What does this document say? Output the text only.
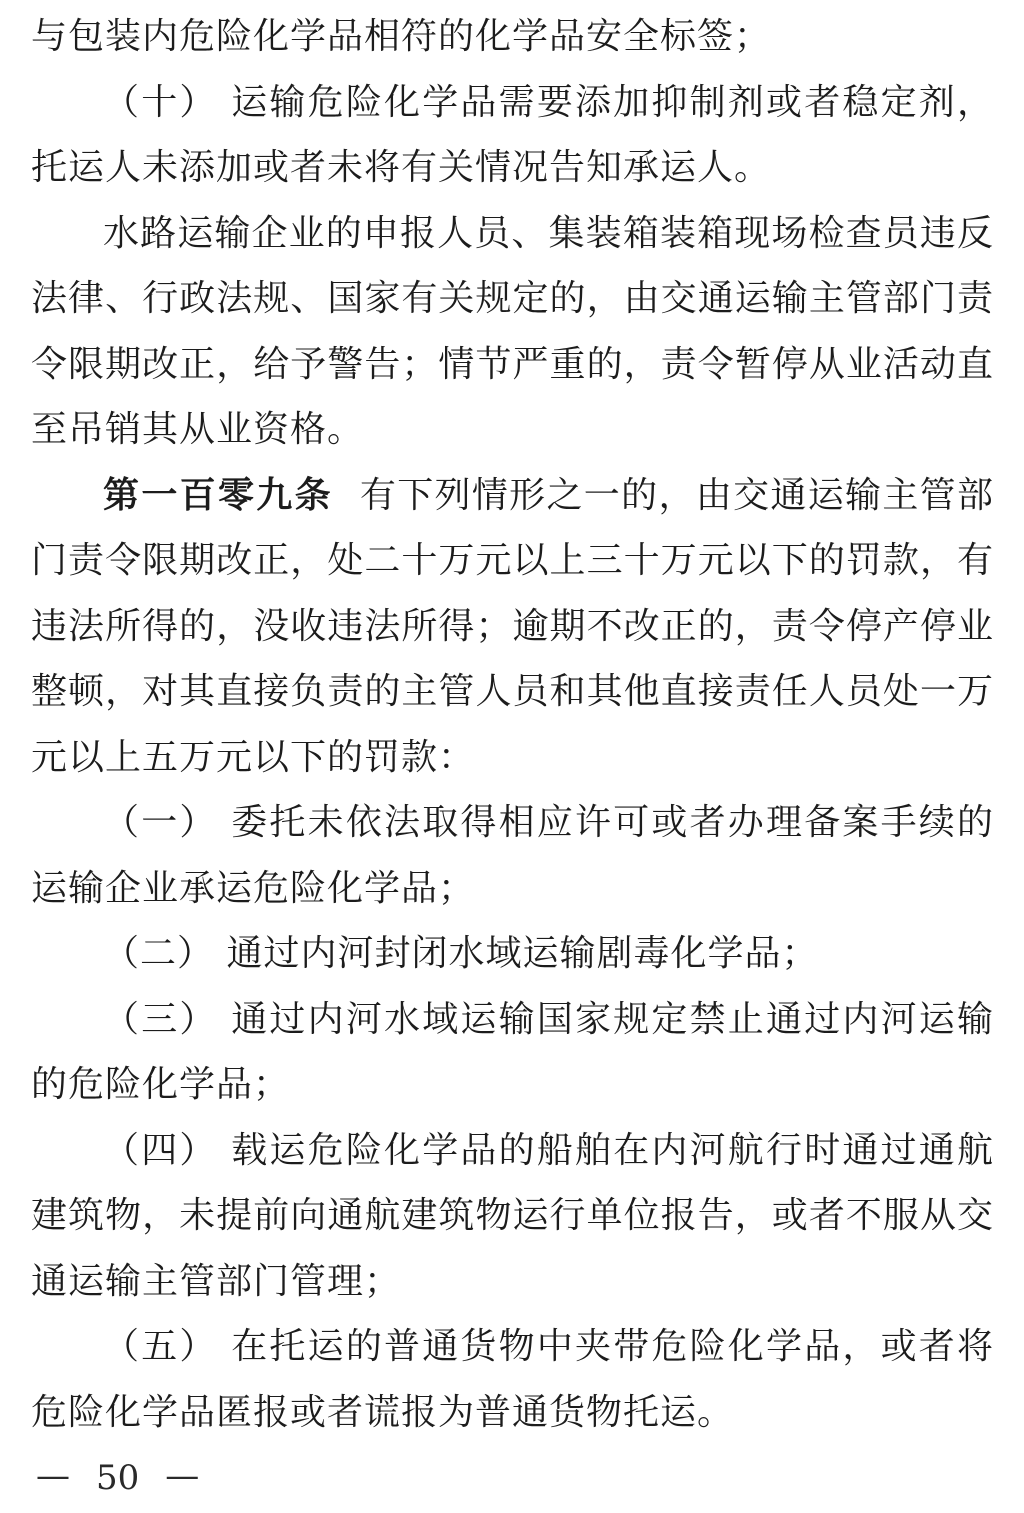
与包装内危险化学品相符的化学品安全标签；

（十） 运输危险化学品需要添加抑制剂或者稳定剂，托运人未添加或者未将有关情况告知承运人。

水路运输企业的申报人员、集装箱装箱现场检查员违反法律、行政法规、国家有关规定的，由交通运输主管部门责令限期改正，给予警告；情节严重的，责令暂停从业活动直至吊销其从业资格。

第一百零九条 有下列情形之一的，由交通运输主管部门责令限期改正，处二十万元以上三十万元以下的罚款，有违法所得的，没收违法所得；逾期不改正的，责令停产停业整顿，对其直接负责的主管人员和其他直接责任人员处一万元以上五万元以下的罚款：

（一） 委托未依法取得相应许可或者办理备案手续的运输企业承运危险化学品；

（二） 通过内河封闭水域运输剧毒化学品；

（三） 通过内河水域运输国家规定禁止通过内河运输的危险化学品；

（四） 载运危险化学品的船舶在内河航行时通过通航建筑物，未提前向通航建筑物运行单位报告，或者不服从交通运输主管部门管理；

（五） 在托运的普通货物中夹带危险化学品，或者将危险化学品匿报或者谎报为普通货物托运。

— 50 —
